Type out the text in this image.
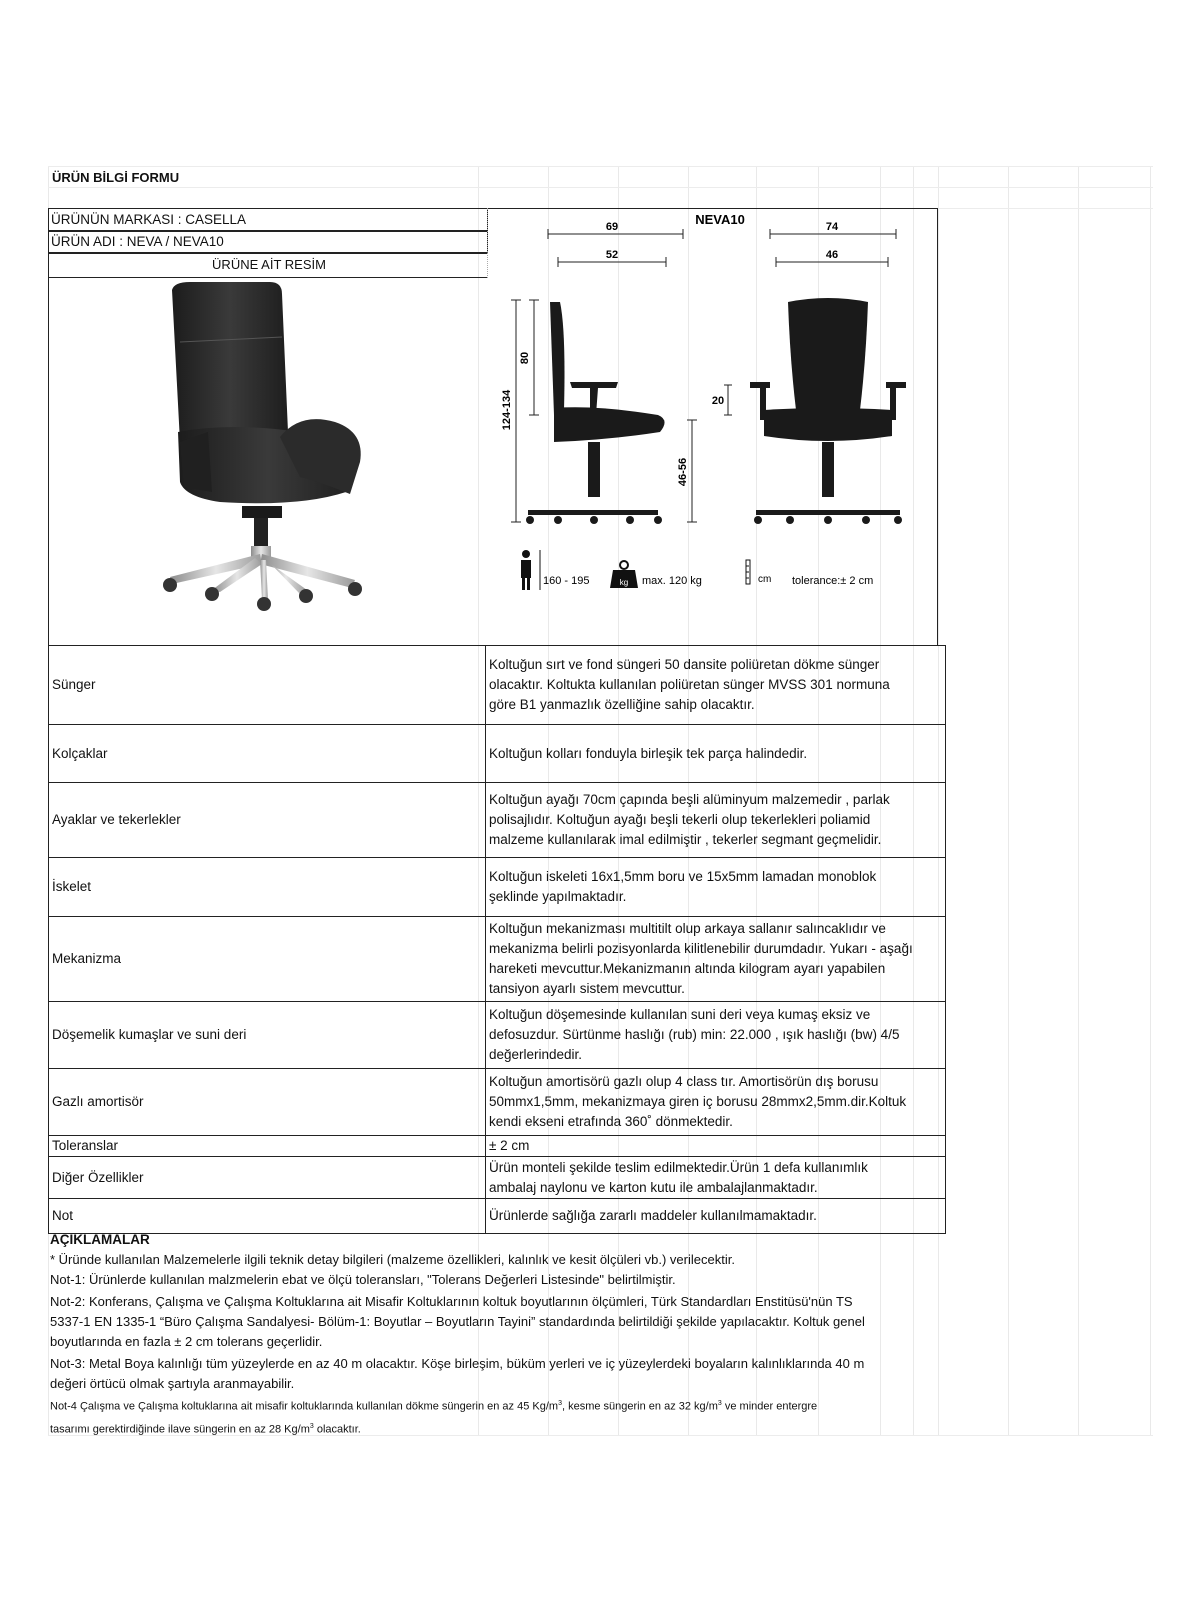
ÜRÜN BİLGİ FORMU
ÜRÜNÜN MARKASI : CASELLA
ÜRÜN ADI : NEVA / NEVA10
ÜRÜNE AİT RESİM
NEVA10
69
52
74
46
124-134
80
46-56
20
160 - 195	kg max. 120 kg	cm tolerance:± 2 cm
Sünger	Koltuğun sırt ve fond süngeri 50 dansite poliüretan dökme sünger
olacaktır. Koltukta kullanılan poliüretan sünger MVSS 301 normuna
göre B1 yanmazlık özelliğine sahip olacaktır.

Kolçaklar	Koltuğun kolları fonduyla birleşik tek parça halindedir.

Ayaklar ve tekerlekler	Koltuğun ayağı 70cm çapında beşli alüminyum malzemedir , parlak
polisajlıdır. Koltuğun ayağı beşli tekerli olup tekerlekleri poliamid
malzeme kullanılarak imal edilmiştir , tekerler segmant geçmelidir.

İskelet	Koltuğun iskeleti 16x1,5mm boru ve 15x5mm lamadan monoblok
şeklinde yapılmaktadır.

Mekanizma	Koltuğun mekanizması multitilt olup arkaya sallanır salıncaklıdır ve
mekanizma belirli pozisyonlarda kilitlenebilir durumdadır. Yukarı - aşağı
hareketi mevcuttur.Mekanizmanın altında kilogram ayarı yapabilen
tansiyon ayarlı sistem mevcuttur.

Döşemelik kumaşlar ve suni deri	Koltuğun döşemesinde kullanılan suni deri veya kumaş eksiz ve
defosuzdur. Sürtünme haslığı (rub) min: 22.000 , ışık haslığı (bw) 4/5
değerlerindedir.

Gazlı amortisör	Koltuğun amortisörü gazlı olup 4 class tır. Amortisörün dış borusu
50mmx1,5mm, mekanizmaya giren iç borusu 28mmx2,5mm.dir.Koltuk
kendi ekseni etrafında 360˚ dönmektedir.

Toleranslar	± 2 cm

Diğer Özellikler	Ürün monteli şekilde teslim edilmektedir.Ürün 1 defa kullanımlık
ambalaj naylonu ve karton kutu ile ambalajlanmaktadır.

Not	Ürünlerde sağlığa zararlı maddeler kullanılmamaktadır.

AÇIKLAMALAR

* Üründe kullanılan Malzemelerle ilgili teknik detay bilgileri (malzeme özellikleri, kalınlık ve kesit ölçüleri vb.) verilecektir.

Not-1: Ürünlerde kullanılan malzmelerin ebat ve ölçü toleransları, "Tolerans Değerleri Listesinde" belirtilmiştir.

Not-2: Konferans, Çalışma ve Çalışma Koltuklarına ait Misafir Koltuklarının koltuk boyutlarının ölçümleri, Türk Standardları Enstitüsü'nün TS

5337-1 EN 1335-1 “Büro Çalışma Sandalyesi- Bölüm-1: Boyutlar – Boyutların Tayini” standardında belirtildiği şekilde yapılacaktır. Koltuk genel

boyutlarında en fazla ± 2 cm tolerans geçerlidir.

Not-3: Metal Boya kalınlığı tüm yüzeylerde en az 40 m olacaktır. Köşe birleşim, büküm yerleri ve iç yüzeylerdeki boyaların kalınlıklarında 40 m

değeri örtücü olmak şartıyla aranmayabilir.

Not-4 Çalışma ve Çalışma koltuklarına ait misafir koltuklarında kullanılan dökme süngerin en az 45 $Kg/m^3$, kesme süngerin en az 32 $kg/m^3$ ve minder entergre

tasarımı gerektirdiğinde ilave süngerin en az 28 $Kg/m^3$ olacaktır.
